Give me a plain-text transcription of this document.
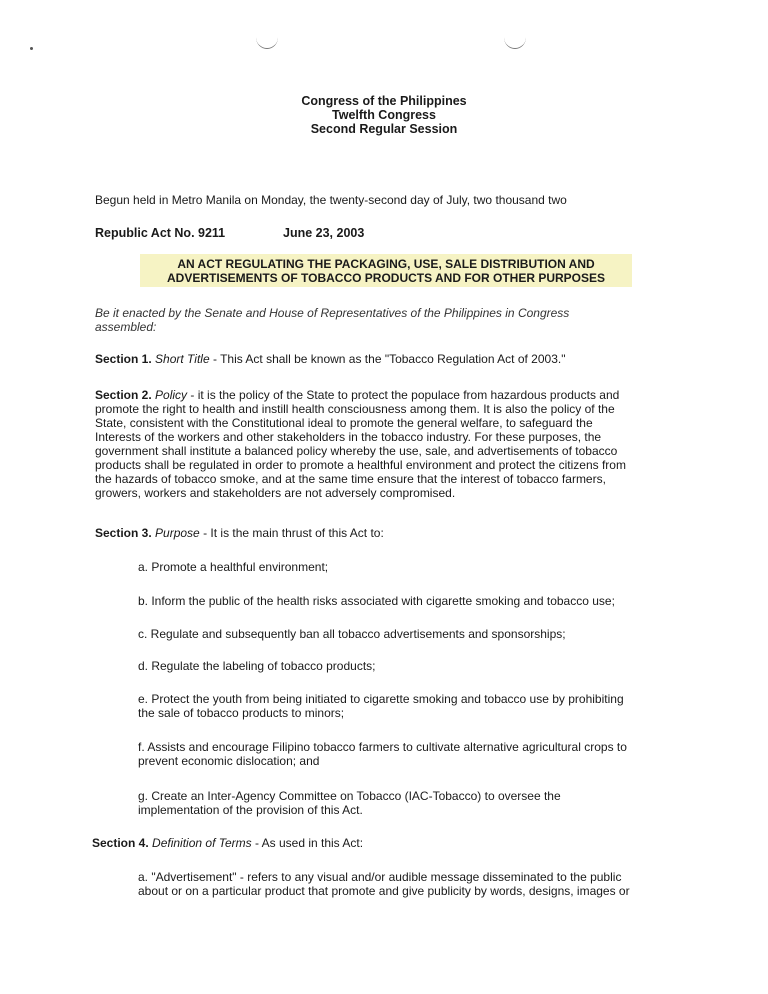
Congress of the Philippines
Twelfth Congress
Second Regular Session
Begun held in Metro Manila on Monday, the twenty-second day of July, two thousand two
Republic Act No. 9211	June 23, 2003
AN ACT REGULATING THE PACKAGING, USE, SALE DISTRIBUTION AND
ADVERTISEMENTS OF TOBACCO PRODUCTS AND FOR OTHER PURPOSES
Be it enacted by the Senate and House of Representatives of the Philippines in Congress
assembled:
Section 1. Short Title - This Act shall be known as the "Tobacco Regulation Act of 2003."
Section 2. Policy - it is the policy of the State to protect the populace from hazardous products and
promote the right to health and instill health consciousness among them. It is also the policy of the
State, consistent with the Constitutional ideal to promote the general welfare, to safeguard the
Interests of the workers and other stakeholders in the tobacco industry. For these purposes, the
government shall institute a balanced policy whereby the use, sale, and advertisements of tobacco
products shall be regulated in order to promote a healthful environment and protect the citizens from
the hazards of tobacco smoke, and at the same time ensure that the interest of tobacco farmers,
growers, workers and stakeholders are not adversely compromised.
Section 3. Purpose - It is the main thrust of this Act to:
a. Promote a healthful environment;
b. Inform the public of the health risks associated with cigarette smoking and tobacco use;
c. Regulate and subsequently ban all tobacco advertisements and sponsorships;
d. Regulate the labeling of tobacco products;
e. Protect the youth from being initiated to cigarette smoking and tobacco use by prohibiting
the sale of tobacco products to minors;
f. Assists and encourage Filipino tobacco farmers to cultivate alternative agricultural crops to
prevent economic dislocation; and
g. Create an Inter-Agency Committee on Tobacco (IAC-Tobacco) to oversee the
implementation of the provision of this Act.
Section 4. Definition of Terms - As used in this Act:
a. "Advertisement" - refers to any visual and/or audible message disseminated to the public
about or on a particular product that promote and give publicity by words, designs, images or
